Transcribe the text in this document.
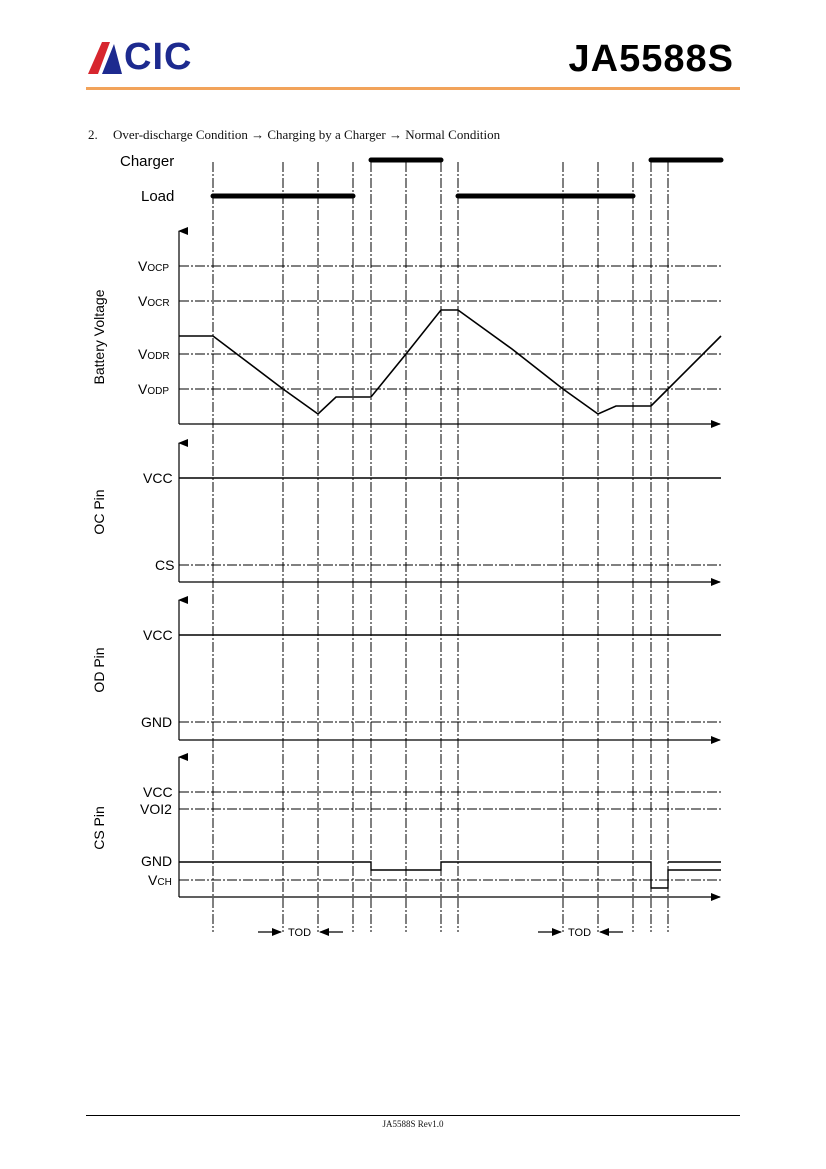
CIC	JA5588S
2. Over-discharge Condition → Charging by a Charger → Normal Condition
Charger
Load
VOCP
VOCR
VODR
VODP
Battery Voltage
VCC
CS
OC Pin
VCC
GND
OD Pin
VCC
VOI2
GND
VCH
CS Pin
TOD	TOD
JA5588S Rev1.0
